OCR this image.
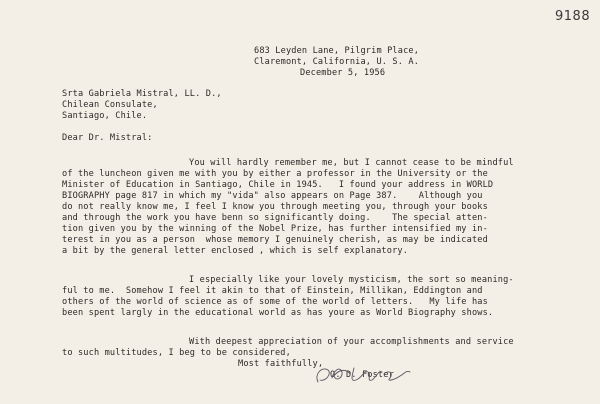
9188
683 Leyden Lane, Pilgrim Place,
Claremont, California, U. S. A.
December 5, 1956
Srta Gabriela Mistral, LL. D.,
Chilean Consulate,
Santiago, Chile.
Dear Dr. Mistral:
You will hardly remember me, but I cannot cease to be mindful
of the luncheon given me with you by either a professor in the University or the
Minister of Education in Santiago, Chile in 1945.   I found your address in WORLD
BIOGRAPHY page 817 in which my "vida" also appears on Page 387.    Although you
do not really know me, I feel I know you through meeting you, through your books
and through the work you have benn so significantly doing.    The special atten-
tion given you by the winning of the Nobel Prize, has further intensified my in-
terest in you as a person  whose memory I genuinely cherish, as may be indicated
a bit by the general letter enclosed , which is self explanatory.
I especially like your lovely mysticism, the sort so meaning-
ful to me.  Somehow I feel it akin to that of Einstein, Millikan, Eddington and
others of the world of science as of some of the world of letters.   My life has
been spent largly in the educational world as has youre as World Biography shows.
With deepest appreciation of your accomplishments and service
to such multitudes, I beg to be considered,
Most faithfully,
O. D. Foster
